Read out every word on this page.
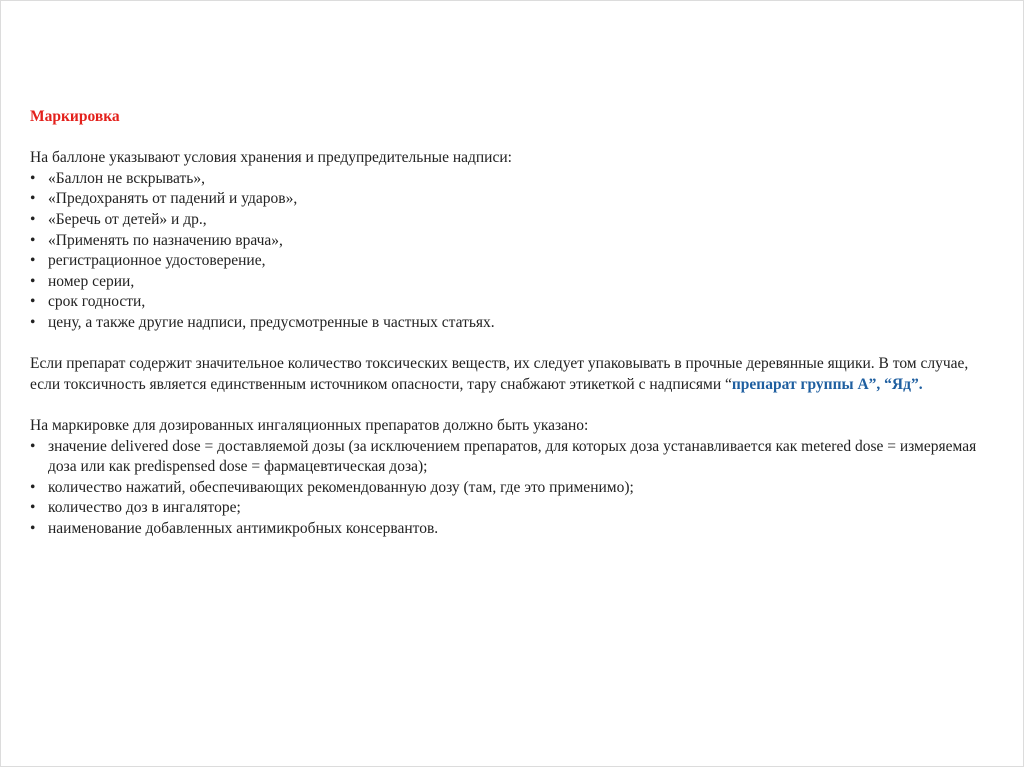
Маркировка

На баллоне указывают условия хранения и предупредительные надписи:

• «Баллон не вскрывать»,
• «Предохранять от падений и ударов»,
• «Беречь от детей» и др.,
• «Применять по назначению врача»,
• регистрационное удостоверение,
• номер серии,
• срок годности,
• цену, а также другие надписи, предусмотренные в частных статьях.

Если препарат содержит значительное количество токсических веществ, их следует упаковывать в прочные деревянные ящики. В том случае, если токсичность является единственным источником опасности, тару снабжают этикеткой с надписями “препарат группы А”, “Яд”.

На маркировке для дозированных ингаляционных препаратов должно быть указано:

• значение delivered dose = доставляемой дозы (за исключением препаратов, для которых доза устанавливается как metered dose = измеряемая доза или как predispensed dose = фармацевтическая доза);
• количество нажатий, обеспечивающих рекомендованную дозу (там, где это применимо);
• количество доз в ингаляторе;
• наименование добавленных антимикробных консервантов.
